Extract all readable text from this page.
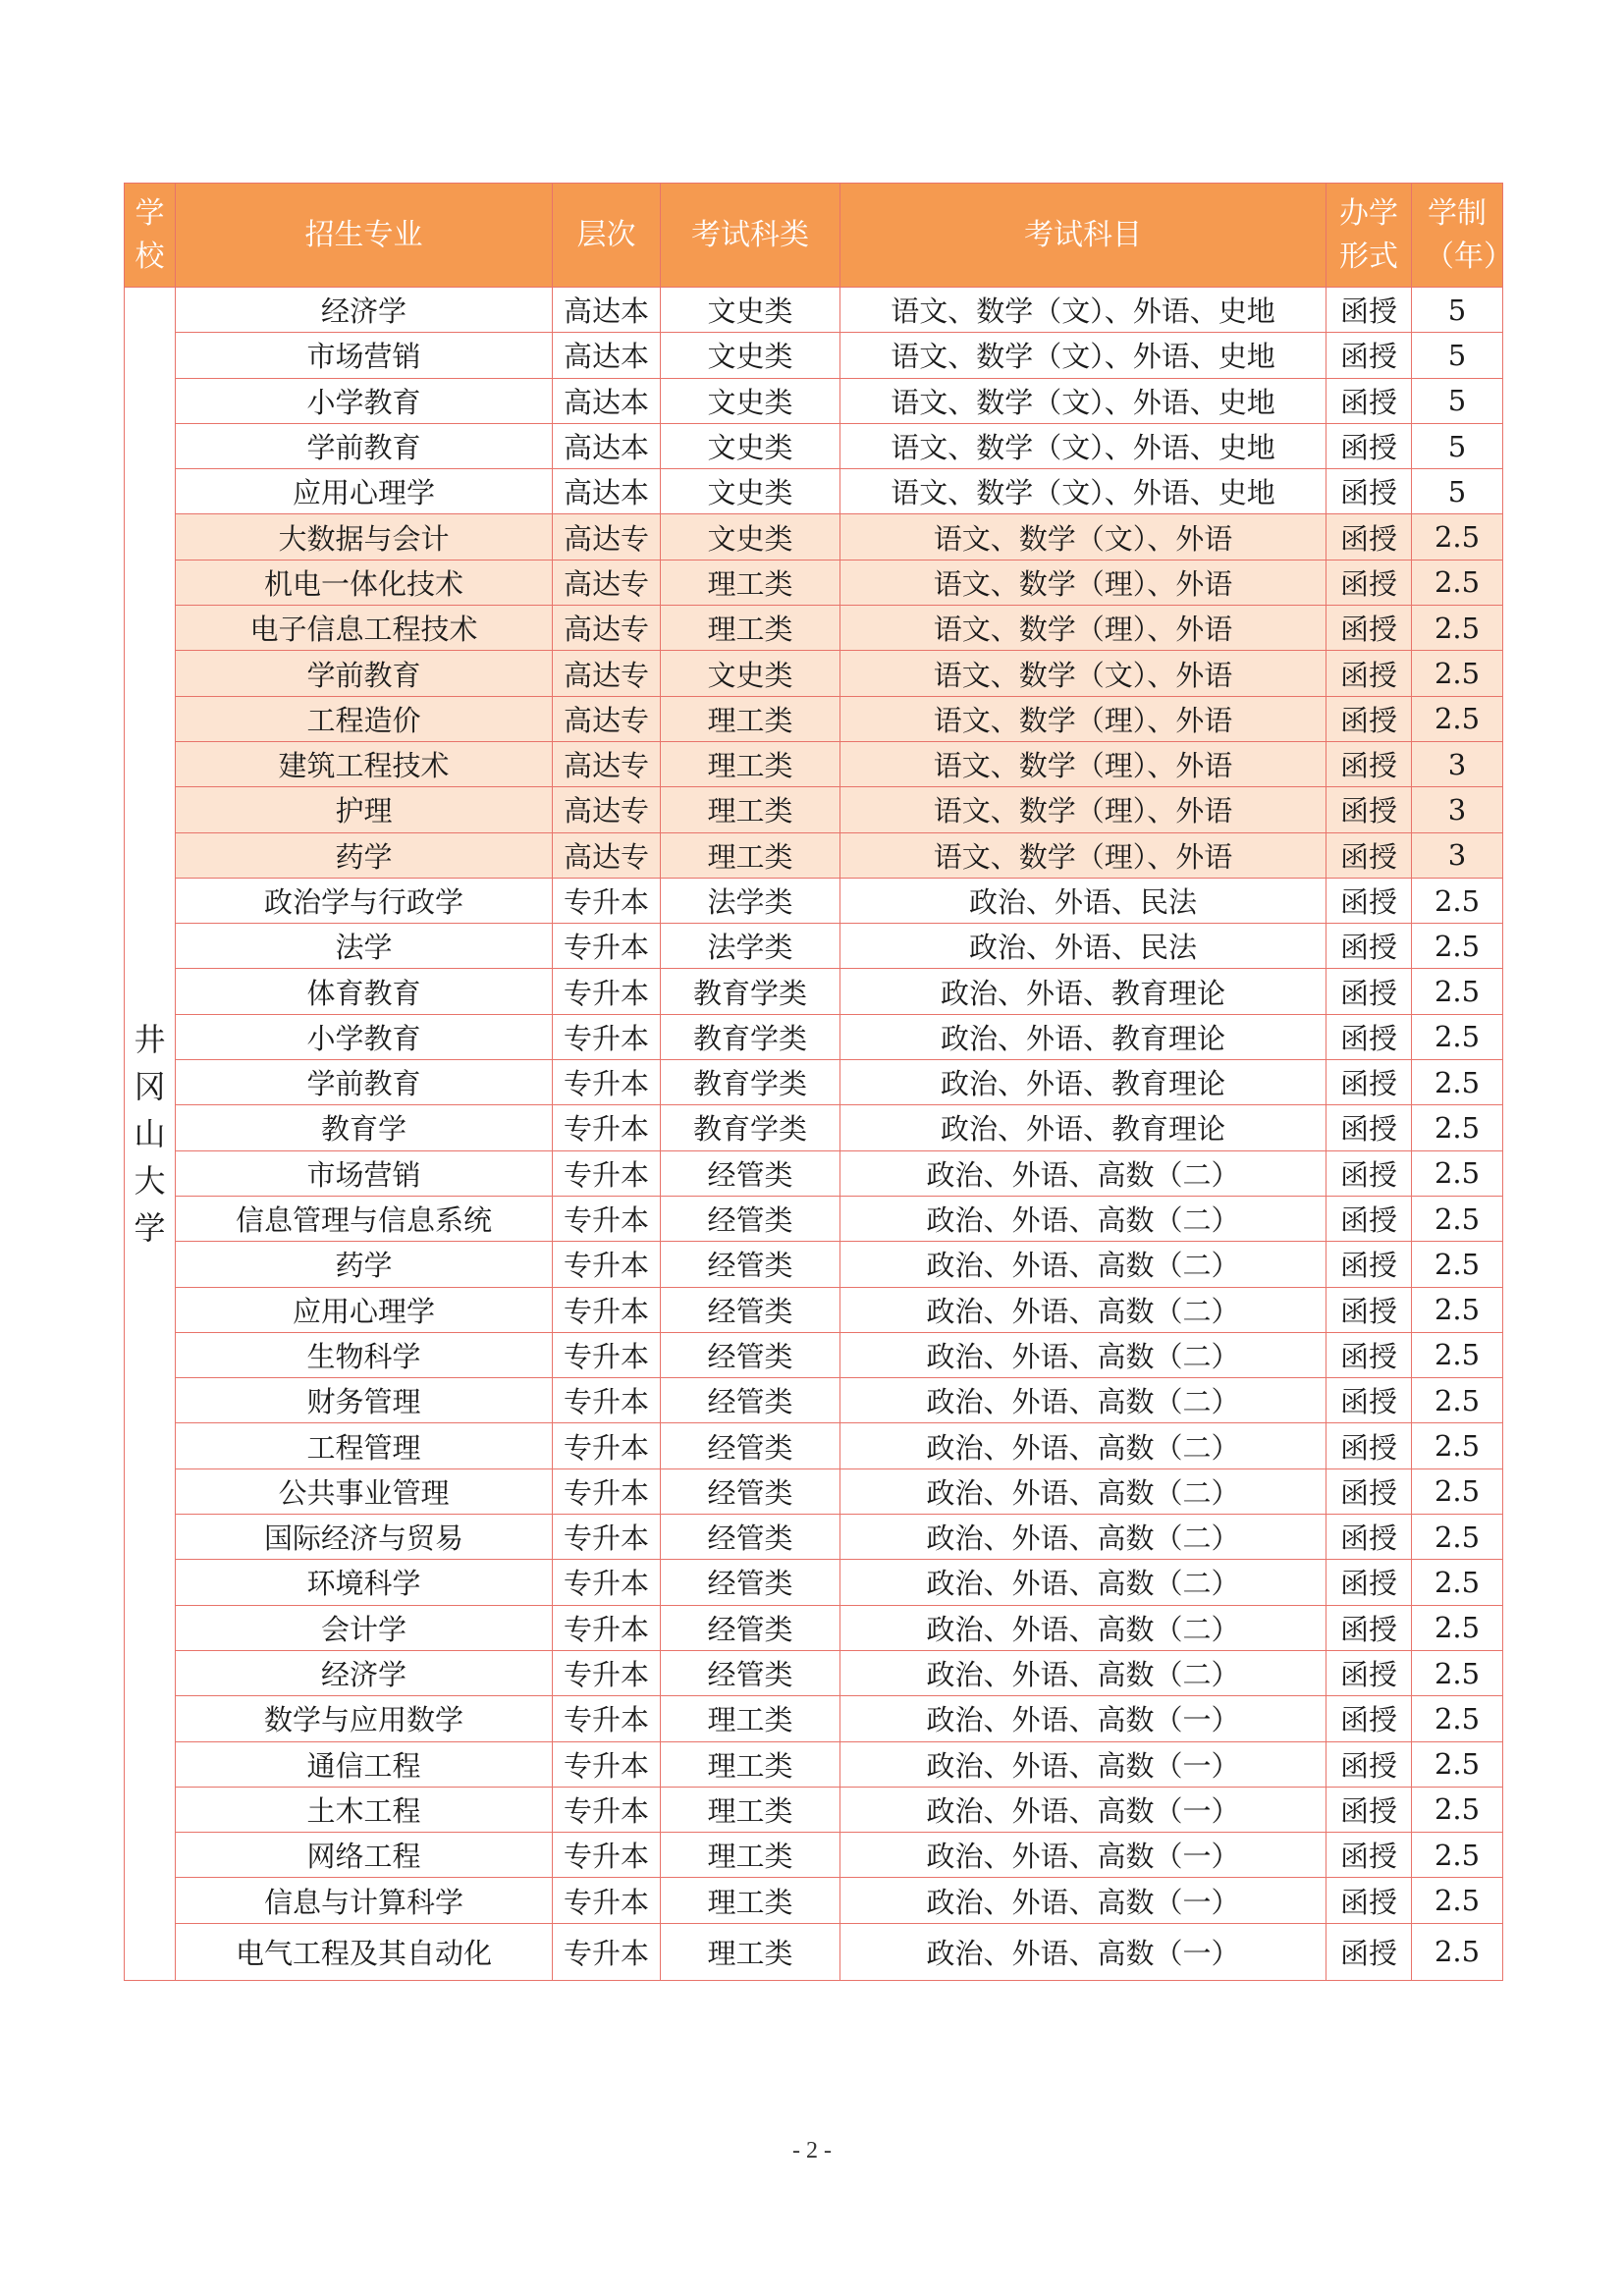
学校	招生专业	层次	考试科类	考试科目	办学形式	学制（年）
井冈山大学	经济学	高达本	文史类	语文、数学（文）、外语、史地	函授	5
	市场营销	高达本	文史类	语文、数学（文）、外语、史地	函授	5
	小学教育	高达本	文史类	语文、数学（文）、外语、史地	函授	5
	学前教育	高达本	文史类	语文、数学（文）、外语、史地	函授	5
	应用心理学	高达本	文史类	语文、数学（文）、外语、史地	函授	5
	大数据与会计	高达专	文史类	语文、数学（文）、外语	函授	2.5
	机电一体化技术	高达专	理工类	语文、数学（理）、外语	函授	2.5
	电子信息工程技术	高达专	理工类	语文、数学（理）、外语	函授	2.5
	学前教育	高达专	文史类	语文、数学（文）、外语	函授	2.5
	工程造价	高达专	理工类	语文、数学（理）、外语	函授	2.5
	建筑工程技术	高达专	理工类	语文、数学（理）、外语	函授	3
	护理	高达专	理工类	语文、数学（理）、外语	函授	3
	药学	高达专	理工类	语文、数学（理）、外语	函授	3
	政治学与行政学	专升本	法学类	政治、外语、民法	函授	2.5
	法学	专升本	法学类	政治、外语、民法	函授	2.5
	体育教育	专升本	教育学类	政治、外语、教育理论	函授	2.5
	小学教育	专升本	教育学类	政治、外语、教育理论	函授	2.5
	学前教育	专升本	教育学类	政治、外语、教育理论	函授	2.5
	教育学	专升本	教育学类	政治、外语、教育理论	函授	2.5
	市场营销	专升本	经管类	政治、外语、高数（二）	函授	2.5
	信息管理与信息系统	专升本	经管类	政治、外语、高数（二）	函授	2.5
	药学	专升本	经管类	政治、外语、高数（二）	函授	2.5
	应用心理学	专升本	经管类	政治、外语、高数（二）	函授	2.5
	生物科学	专升本	经管类	政治、外语、高数（二）	函授	2.5
	财务管理	专升本	经管类	政治、外语、高数（二）	函授	2.5
	工程管理	专升本	经管类	政治、外语、高数（二）	函授	2.5
	公共事业管理	专升本	经管类	政治、外语、高数（二）	函授	2.5
	国际经济与贸易	专升本	经管类	政治、外语、高数（二）	函授	2.5
	环境科学	专升本	经管类	政治、外语、高数（二）	函授	2.5
	会计学	专升本	经管类	政治、外语、高数（二）	函授	2.5
	经济学	专升本	经管类	政治、外语、高数（二）	函授	2.5
	数学与应用数学	专升本	理工类	政治、外语、高数（一）	函授	2.5
	通信工程	专升本	理工类	政治、外语、高数（一）	函授	2.5
	土木工程	专升本	理工类	政治、外语、高数（一）	函授	2.5
	网络工程	专升本	理工类	政治、外语、高数（一）	函授	2.5
	信息与计算科学	专升本	理工类	政治、外语、高数（一）	函授	2.5
	电气工程及其自动化	专升本	理工类	政治、外语、高数（一）	函授	2.5
- 2 -
